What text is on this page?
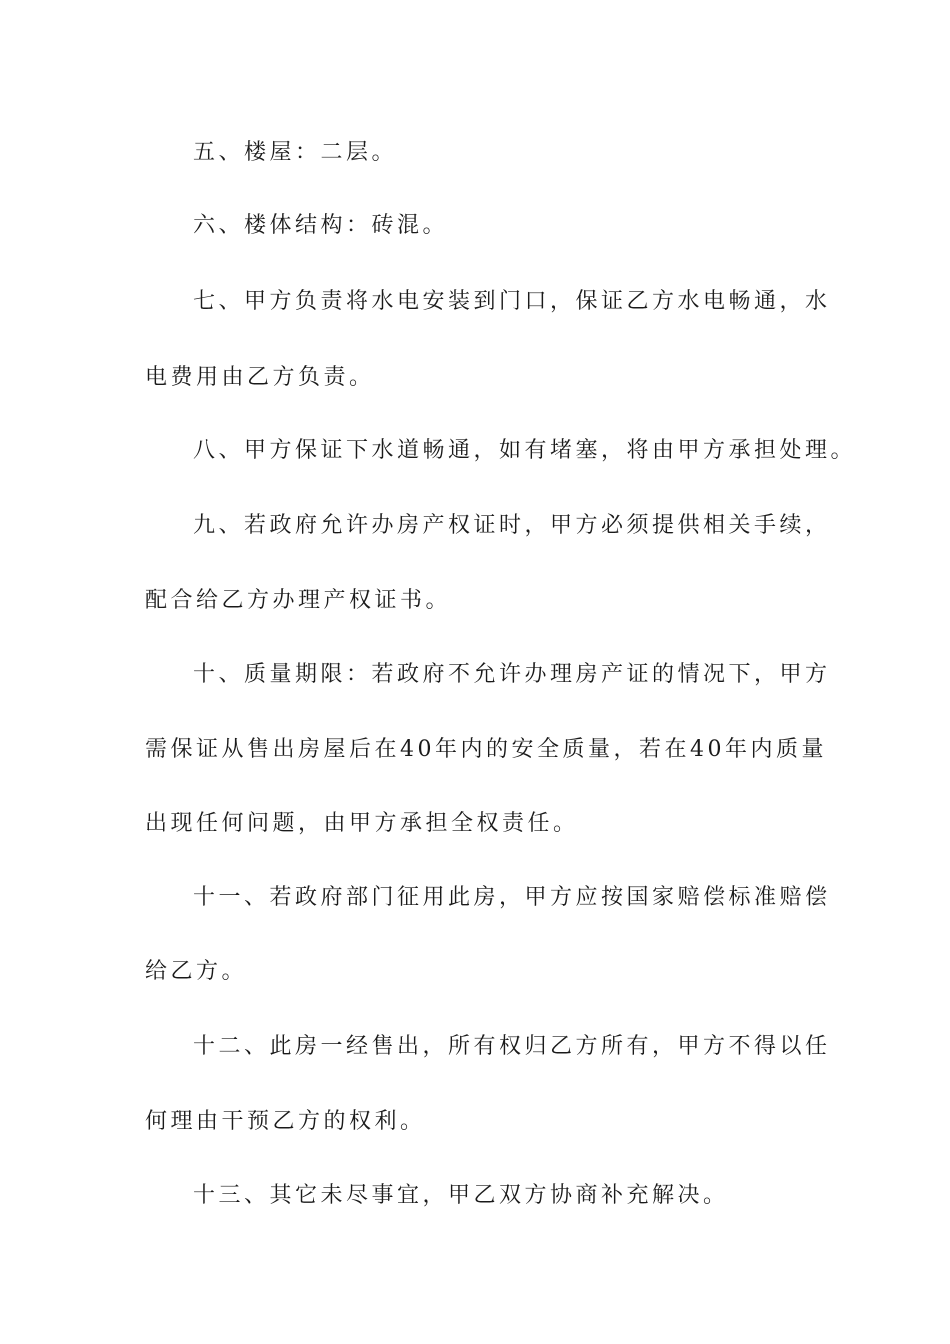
五、楼屋：二层。
六、楼体结构：砖混。
七、甲方负责将水电安装到门口，保证乙方水电畅通，水
电费用由乙方负责。
八、甲方保证下水道畅通，如有堵塞，将由甲方承担处理。
九、若政府允许办房产权证时，甲方必须提供相关手续，
配合给乙方办理产权证书。
十、质量期限：若政府不允许办理房产证的情况下，甲方
需保证从售出房屋后在40年内的安全质量，若在40年内质量
出现任何问题，由甲方承担全权责任。
十一、若政府部门征用此房，甲方应按国家赔偿标准赔偿
给乙方。
十二、此房一经售出，所有权归乙方所有，甲方不得以任
何理由干预乙方的权利。
十三、其它未尽事宜，甲乙双方协商补充解决。
